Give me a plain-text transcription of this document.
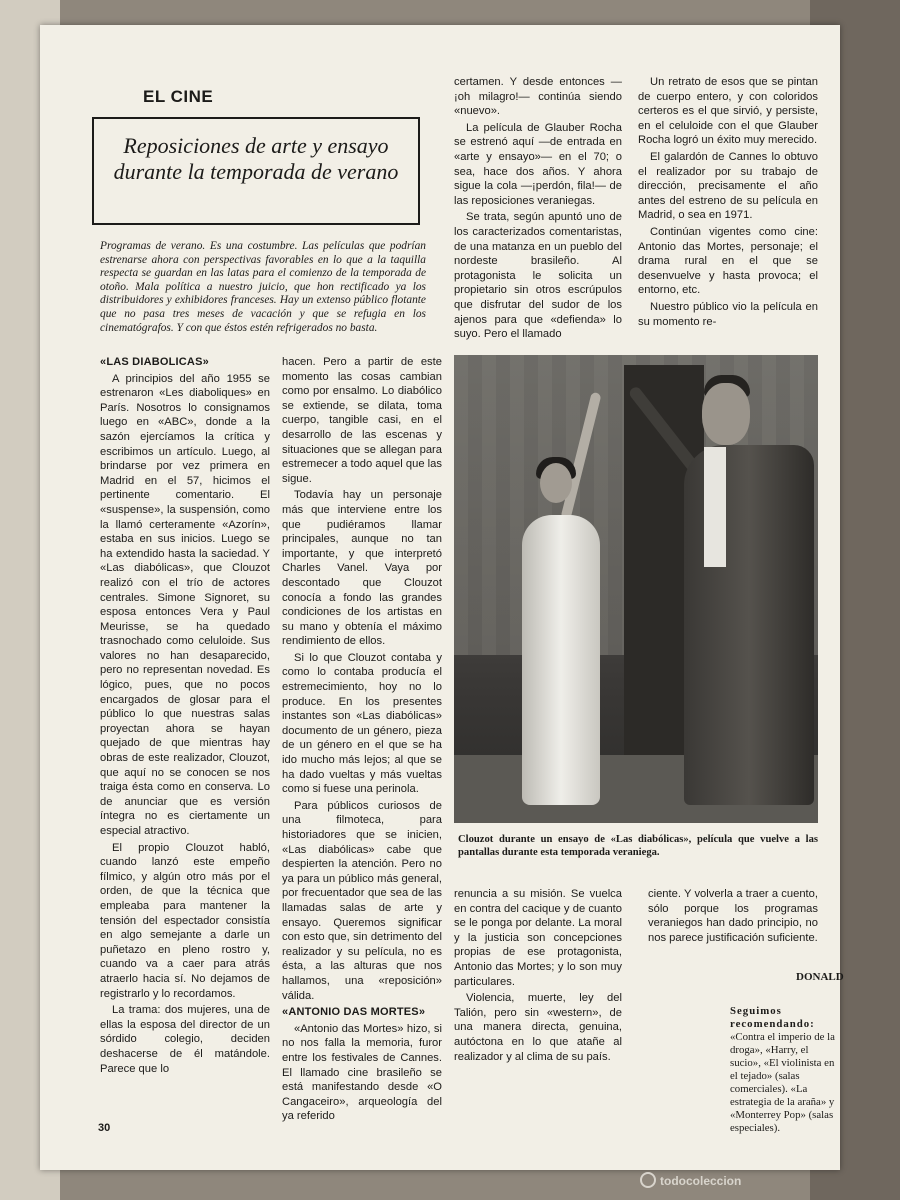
Reposiciones de arte y ensayo durante la temporada de verano
EL CINE
Programas de verano. Es una costumbre. Las películas que podrían estrenarse ahora con perspectivas favorables en lo que a la taquilla respecta se guardan en las latas para el comienzo de la temporada de otoño. Mala política a nuestro juicio, que hon rectificado ya los distribuidores y exhibidores franceses. Hay un extenso público flotante que no pasa tres meses de vacación y que se refugia en los cinematógrafos. Y con que éstos estén refrigerados no basta.

«LAS DIABOLICAS»

A principios del año 1955 se estrenaron «Les diaboliques» en París. Nosotros lo consignamos luego en «ABC», donde a la sazón ejercíamos la crítica y escribimos un artículo. Luego, al brindarse por vez primera en Madrid en el 57, hicimos el pertinente comentario. El «suspense», la suspensión, como la llamó certeramente «Azorín», estaba en sus inicios. Luego se ha extendido hasta la saciedad. Y «Las diabólicas», que Clouzot realizó con el trío de actores centrales. Simone Signoret, su esposa entonces Vera y Paul Meurisse, se ha quedado trasnochado como celuloide. Sus valores no han desaparecido, pero no representan novedad. Es lógico, pues, que no pocos encargados de glosar para el público lo que nuestras salas proyectan ahora se hayan quejado de que mientras hay obras de este realizador, Clouzot, que aquí no se conocen se nos traiga ésta como en conserva. Lo de anunciar que es versión íntegra no es ciertamente un especial atractivo.

El propio Clouzot habló, cuando lanzó este empeño fílmico, y algún otro más por el orden, de que la técnica que empleaba para mantener la tensión del espectador consistía en algo semejante a darle un puñetazo en pleno rostro y, cuando va a caer para atrás atraerlo hacia sí. No dejamos de registrarlo y lo recordamos.

La trama: dos mujeres, una de ellas la esposa del director de un sórdido colegio, deciden deshacerse de él matándole. Parece que lo

hacen. Pero a partir de este momento las cosas cambian como por ensalmo. Lo diabólico se extiende, se dilata, toma cuerpo, tangible casi, en el desarrollo de las escenas y situaciones que se allegan para estremecer a todo aquel que las sigue.

Todavía hay un personaje más que intervienе entre los que pudiéramos llamar principales, aunque no tan importante, y que interpretó Charles Vanel. Vaya por descontado que Clouzot conocía a fondo las grandes condiciones de los artistas en su mano y obtenía el máximo rendimiento de ellos.

Si lo que Clouzot contaba y como lo contaba producía el estremecimiento, hoy no lo produce. En los presentes instantes son «Las diabólicas» documento de un género, pieza de un género en el que se ha ido mucho más lejos; al que se ha dado vueltas y más vueltas como si fuese una perinola.

Para públicos curiosos de una filmoteca, para historiadores que se inicien, «Las diabólicas» cabe que despierten la atención. Pero no ya para un público más general, por frecuentador que sea de las llamadas salas de arte y ensayo. Queremos significar con esto que, sin detrimento del realizador y su película, no es ésta, a las alturas que nos hallamos, una «reposición» válida.

«ANTONIO DAS MORTES»

«Antonio das Mortes» hizo, si no nos falla la memoria, furor entre los festivales de Cannes. El llamado cine brasileño se está manifestando desde «O Cangaceiro», arqueología del ya referido

certamen. Y desde entonces —¡oh milagro!— continúa siendo «nuevo».

La película de Glauber Rocha se estrenó aquí —de entrada en «arte y ensayo»— en el 70; o sea, hace dos años. Y ahora sigue la cola —¡perdón, fila!— de las reposiciones veraniegas.

Se trata, según apuntó uno de los caracterizados comentaristas, de una matanza en un pueblo del nordeste brasileño. Al protagonista le solicita un propietario sin otros escrúpulos que disfrutar del sudor de los ajenos para que «defienda» lo suyo. Pero el llamado

Un retrato de esos que se pintan de cuerpo entero, y con coloridos certeros es el que sirvió, y persiste, en el celuloide con el que Glauber Rocha logró un éxito muy merecido.

El galardón de Cannes lo obtuvo el realizador por su trabajo de dirección, precisamente el año antes del estreno de su película en Madrid, o sea en 1971.

Continúan vigentes como cine: Antonio das Mortes, personaje; el drama rural en el que se desenvuelve y hasta provoca; el entorno, etc.

Nuestro público vio la película en su momento re-

Clouzot durante un ensayo de «Las diabólicas», película que vuelve a las pantallas durante esta temporada veraniega.

renuncia a su misión. Se vuelca en contra del cacique y de cuanto se le ponga por delante. La moral y la justicia son concepciones propias de ese protagonista, Antonio das Mortes; y lo son muy particulares.

Violencia, muerte, ley del Talión, pero sin «western», de una manera directa, genuina, autóctona en lo que atañe al realizador y al clima de su país.

ciente. Y volverla a traer a cuento, sólo porque los programas veraniegos han dado principio, no nos parece justificación suficiente.

DONALD
Seguimos recomendando: «Contra el imperio de la droga», «Harry, el sucio», «El violinista en el tejado» (salas comerciales). «La estrategia de la araña» y «Monterrey Pop» (salas especiales).
30
todocoleccion
